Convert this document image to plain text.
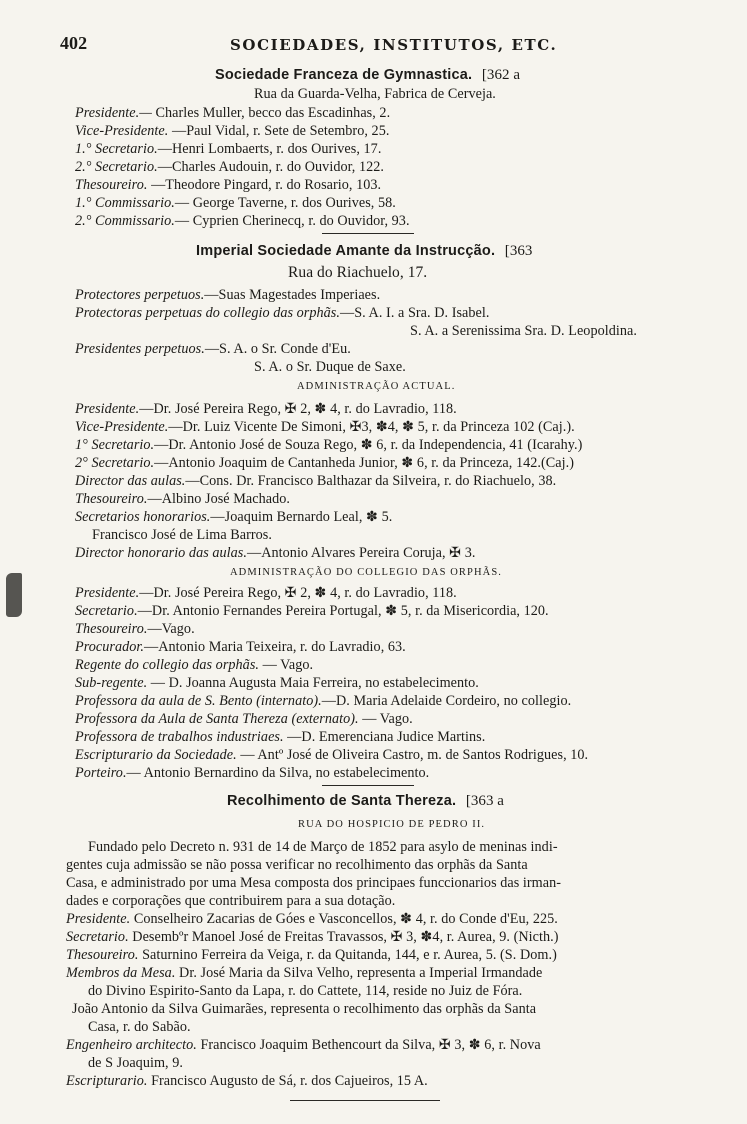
402	SOCIEDADES, INSTITUTOS, ETC.
Sociedade Franceza de Gymnastica. [362 a
Rua da Guarda-Velha, Fabrica de Cerveja.
Presidente.— Charles Muller, becco das Escadinhas, 2.
Vice-Presidente. —Paul Vidal, r. Sete de Setembro, 25.
1.° Secretario.—Henri Lombaerts, r. dos Ourives, 17.
2.° Secretario.—Charles Audouin, r. do Ouvidor, 122.
Thesoureiro. —Theodore Pingard, r. do Rosario, 103.
1.° Commissario.— George Taverne, r. dos Ourives, 58.
2.° Commissario.— Cyprien Cherinecq, r. do Ouvidor, 93.
Imperial Sociedade Amante da Instrucção. [363
Rua do Riachuelo, 17.
Protectores perpetuos.—Suas Magestades Imperiaes.
Protectoras perpetuas do collegio das orphãs.—S. A. I. a Sra. D. Isabel.
S. A. a Serenissima Sra. D. Leopoldina.
Presidentes perpetuos.—S. A. o Sr. Conde d'Eu.
S. A. o Sr. Duque de Saxe.
ADMINISTRAÇÃO ACTUAL.
Presidente.—Dr. José Pereira Rego, ✠ 2, ✽ 4, r. do Lavradio, 118.
Vice-Presidente.—Dr. Luiz Vicente De Simoni, ✠3, ✽4, ✽ 5, r. da Princeza 102 (Caj.).
1° Secretario.—Dr. Antonio José de Souza Rego, ✽ 6, r. da Independencia, 41 (Icarahy.)
2° Secretario.—Antonio Joaquim de Cantanheda Junior, ✽ 6, r. da Princeza, 142.(Caj.)
Director das aulas.—Cons. Dr. Francisco Balthazar da Silveira, r. do Riachuelo, 38.
Thesoureiro.—Albino José Machado.
Secretarios honorarios.—Joaquim Bernardo Leal, ✽ 5.
Francisco José de Lima Barros.
Director honorario das aulas.—Antonio Alvares Pereira Coruja, ✠ 3.
ADMINISTRAÇÃO DO COLLEGIO DAS ORPHÃS.
Presidente.—Dr. José Pereira Rego, ✠ 2, ✽ 4, r. do Lavradio, 118.
Secretario.—Dr. Antonio Fernandes Pereira Portugal, ✽ 5, r. da Misericordia, 120.
Thesoureiro.—Vago.
Procurador.—Antonio Maria Teixeira, r. do Lavradio, 63.
Regente do collegio das orphãs. — Vago.
Sub-regente. — D. Joanna Augusta Maia Ferreira, no estabelecimento.
Professora da aula de S. Bento (internato).—D. Maria Adelaide Cordeiro, no collegio.
Professora da Aula de Santa Thereza (externato). — Vago.
Professora de trabalhos industriaes. —D. Emerenciana Judice Martins.
Escripturario da Sociedade. — Antº José de Oliveira Castro, m. de Santos Rodrigues, 10.
Porteiro.— Antonio Bernardino da Silva, no estabelecimento.
Recolhimento de Santa Thereza. [363 a
RUA DO HOSPICIO DE PEDRO II.
Fundado pelo Decreto n. 931 de 14 de Março de 1852 para asylo de meninas indi-
gentes cuja admissão se não possa verificar no recolhimento das orphãs da Santa
Casa, e administrado por uma Mesa composta dos principaes funccionarios das irman-
dades e corporações que contribuirem para a sua dotação.
Presidente. Conselheiro Zacarias de Góes e Vasconcellos, ✽ 4, r. do Conde d'Eu, 225.
Secretario. Desembºr Manoel José de Freitas Travassos, ✠ 3, ✽4, r. Aurea, 9. (Nicth.)
Thesoureiro. Saturnino Ferreira da Veiga, r. da Quitanda, 144, e r. Aurea, 5. (S. Dom.)
Membros da Mesa. Dr. José Maria da Silva Velho, representa a Imperial Irmandade
do Divino Espirito-Santo da Lapa, r. do Cattete, 114, reside no Juiz de Fóra.
João Antonio da Silva Guimarães, representa o recolhimento das orphãs da Santa
Casa, r. do Sabão.
Engenheiro architecto. Francisco Joaquim Bethencourt da Silva, ✠ 3, ✽ 6, r. Nova
de S Joaquim, 9.
Escripturario. Francisco Augusto de Sá, r. dos Cajueiros, 15 A.
